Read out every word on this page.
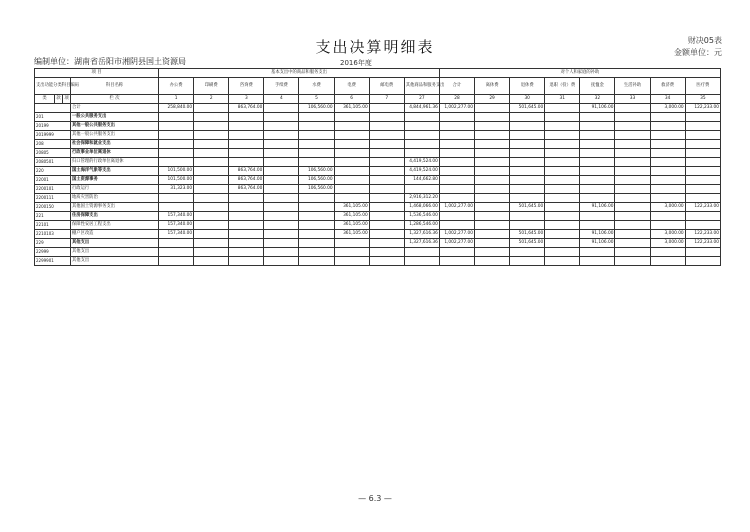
支出决算明细表	财决05表
金额单位：元
编制单位：湖南省岳阳市湘阴县国土资源局	2016年度
项 目				基本支出中的商品和服务支出								对个人和家庭的补助							
支出功能分类科目编码			科目名称	办公费	印刷费	咨询费	手续费	水费	电费	邮电费	其他商品和服务支出	合计	离休费	退休费	退职（役）费	抚恤金	生活补助	救济费	医疗费
类	款	项	栏 次	1	2	3	4	5	6	7	27	28	29	30	31	32	33	34	35
			合计	258,840.00		863,764.00		106,560.00	361,105.00		4,844,961.36	1,002,277.00		501,645.00		91,106.00		3,000.00	122,233.00
201			一般公共服务支出																
20199			其他一般公共服务支出																
2019999			其他一般公共服务支出																
208			社会保障和就业支出																
20805			行政事业单位离退休																
2080501			归口管理的行政单位离退休								4,419,524.00								
220			国土海洋气象等支出	101,500.00		863,764.00		106,560.00			4,419,524.00								
22001			国土资源事务	101,500.00		863,764.00		106,560.00			144,662.80								
2200101			行政运行	31,323.00		863,764.00		106,560.00											
2200111			地质灾害防治								2,916,312.20								
2200150			其他国土资源事务支出						361,105.00		1,468,066.00	1,002,277.00		501,645.00		91,106.00		3,000.00	122,233.00
221			住房保障支出	157,340.00					361,105.00		1,536,546.00								
22101			保障性安居工程支出	157,340.00					361,105.00		1,286,546.00								
2210103			棚户区改造	157,340.00					361,105.00		1,327,616.36	1,002,277.00		501,645.00		91,106.00		3,000.00	122,233.00
229			其他支出								1,327,616.36	1,002,277.00		501,645.00		91,106.00		3,000.00	122,233.00
22999			其他支出																
2299901			其他支出																
— 6.3 —
